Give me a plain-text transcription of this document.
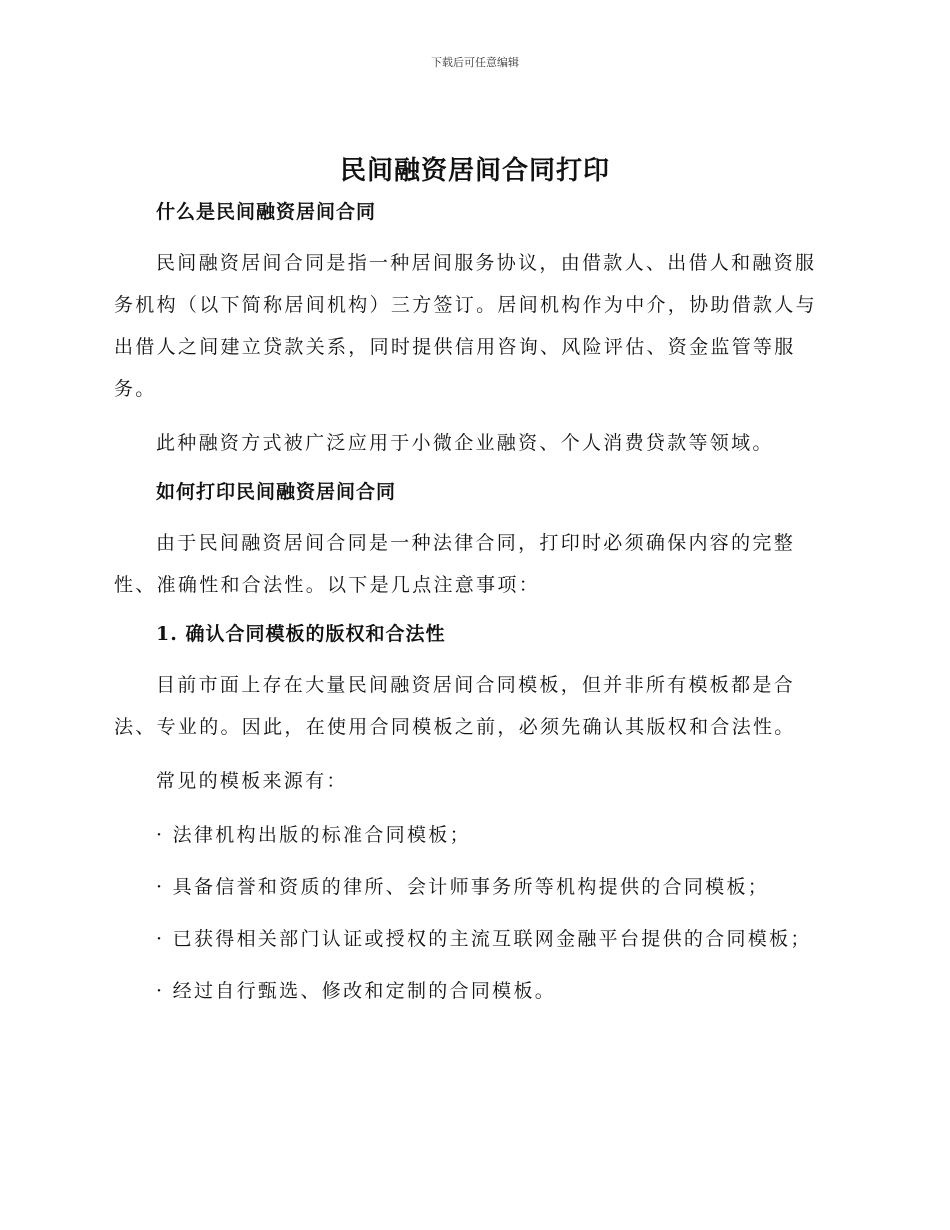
下载后可任意编辑
民间融资居间合同打印
什么是民间融资居间合同

民间融资居间合同是指一种居间服务协议，由借款人、出借人和融资服务机构（以下简称居间机构）三方签订。居间机构作为中介，协助借款人与出借人之间建立贷款关系，同时提供信用咨询、风险评估、资金监管等服务。

此种融资方式被广泛应用于小微企业融资、个人消费贷款等领域。

如何打印民间融资居间合同

由于民间融资居间合同是一种法律合同，打印时必须确保内容的完整性、准确性和合法性。以下是几点注意事项：

1. 确认合同模板的版权和合法性

目前市面上存在大量民间融资居间合同模板，但并非所有模板都是合法、专业的。因此，在使用合同模板之前，必须先确认其版权和合法性。

常见的模板来源有：

· 法律机构出版的标准合同模板；
· 具备信誉和资质的律所、会计师事务所等机构提供的合同模板；
· 已获得相关部门认证或授权的主流互联网金融平台提供的合同模板；
· 经过自行甄选、修改和定制的合同模板。
